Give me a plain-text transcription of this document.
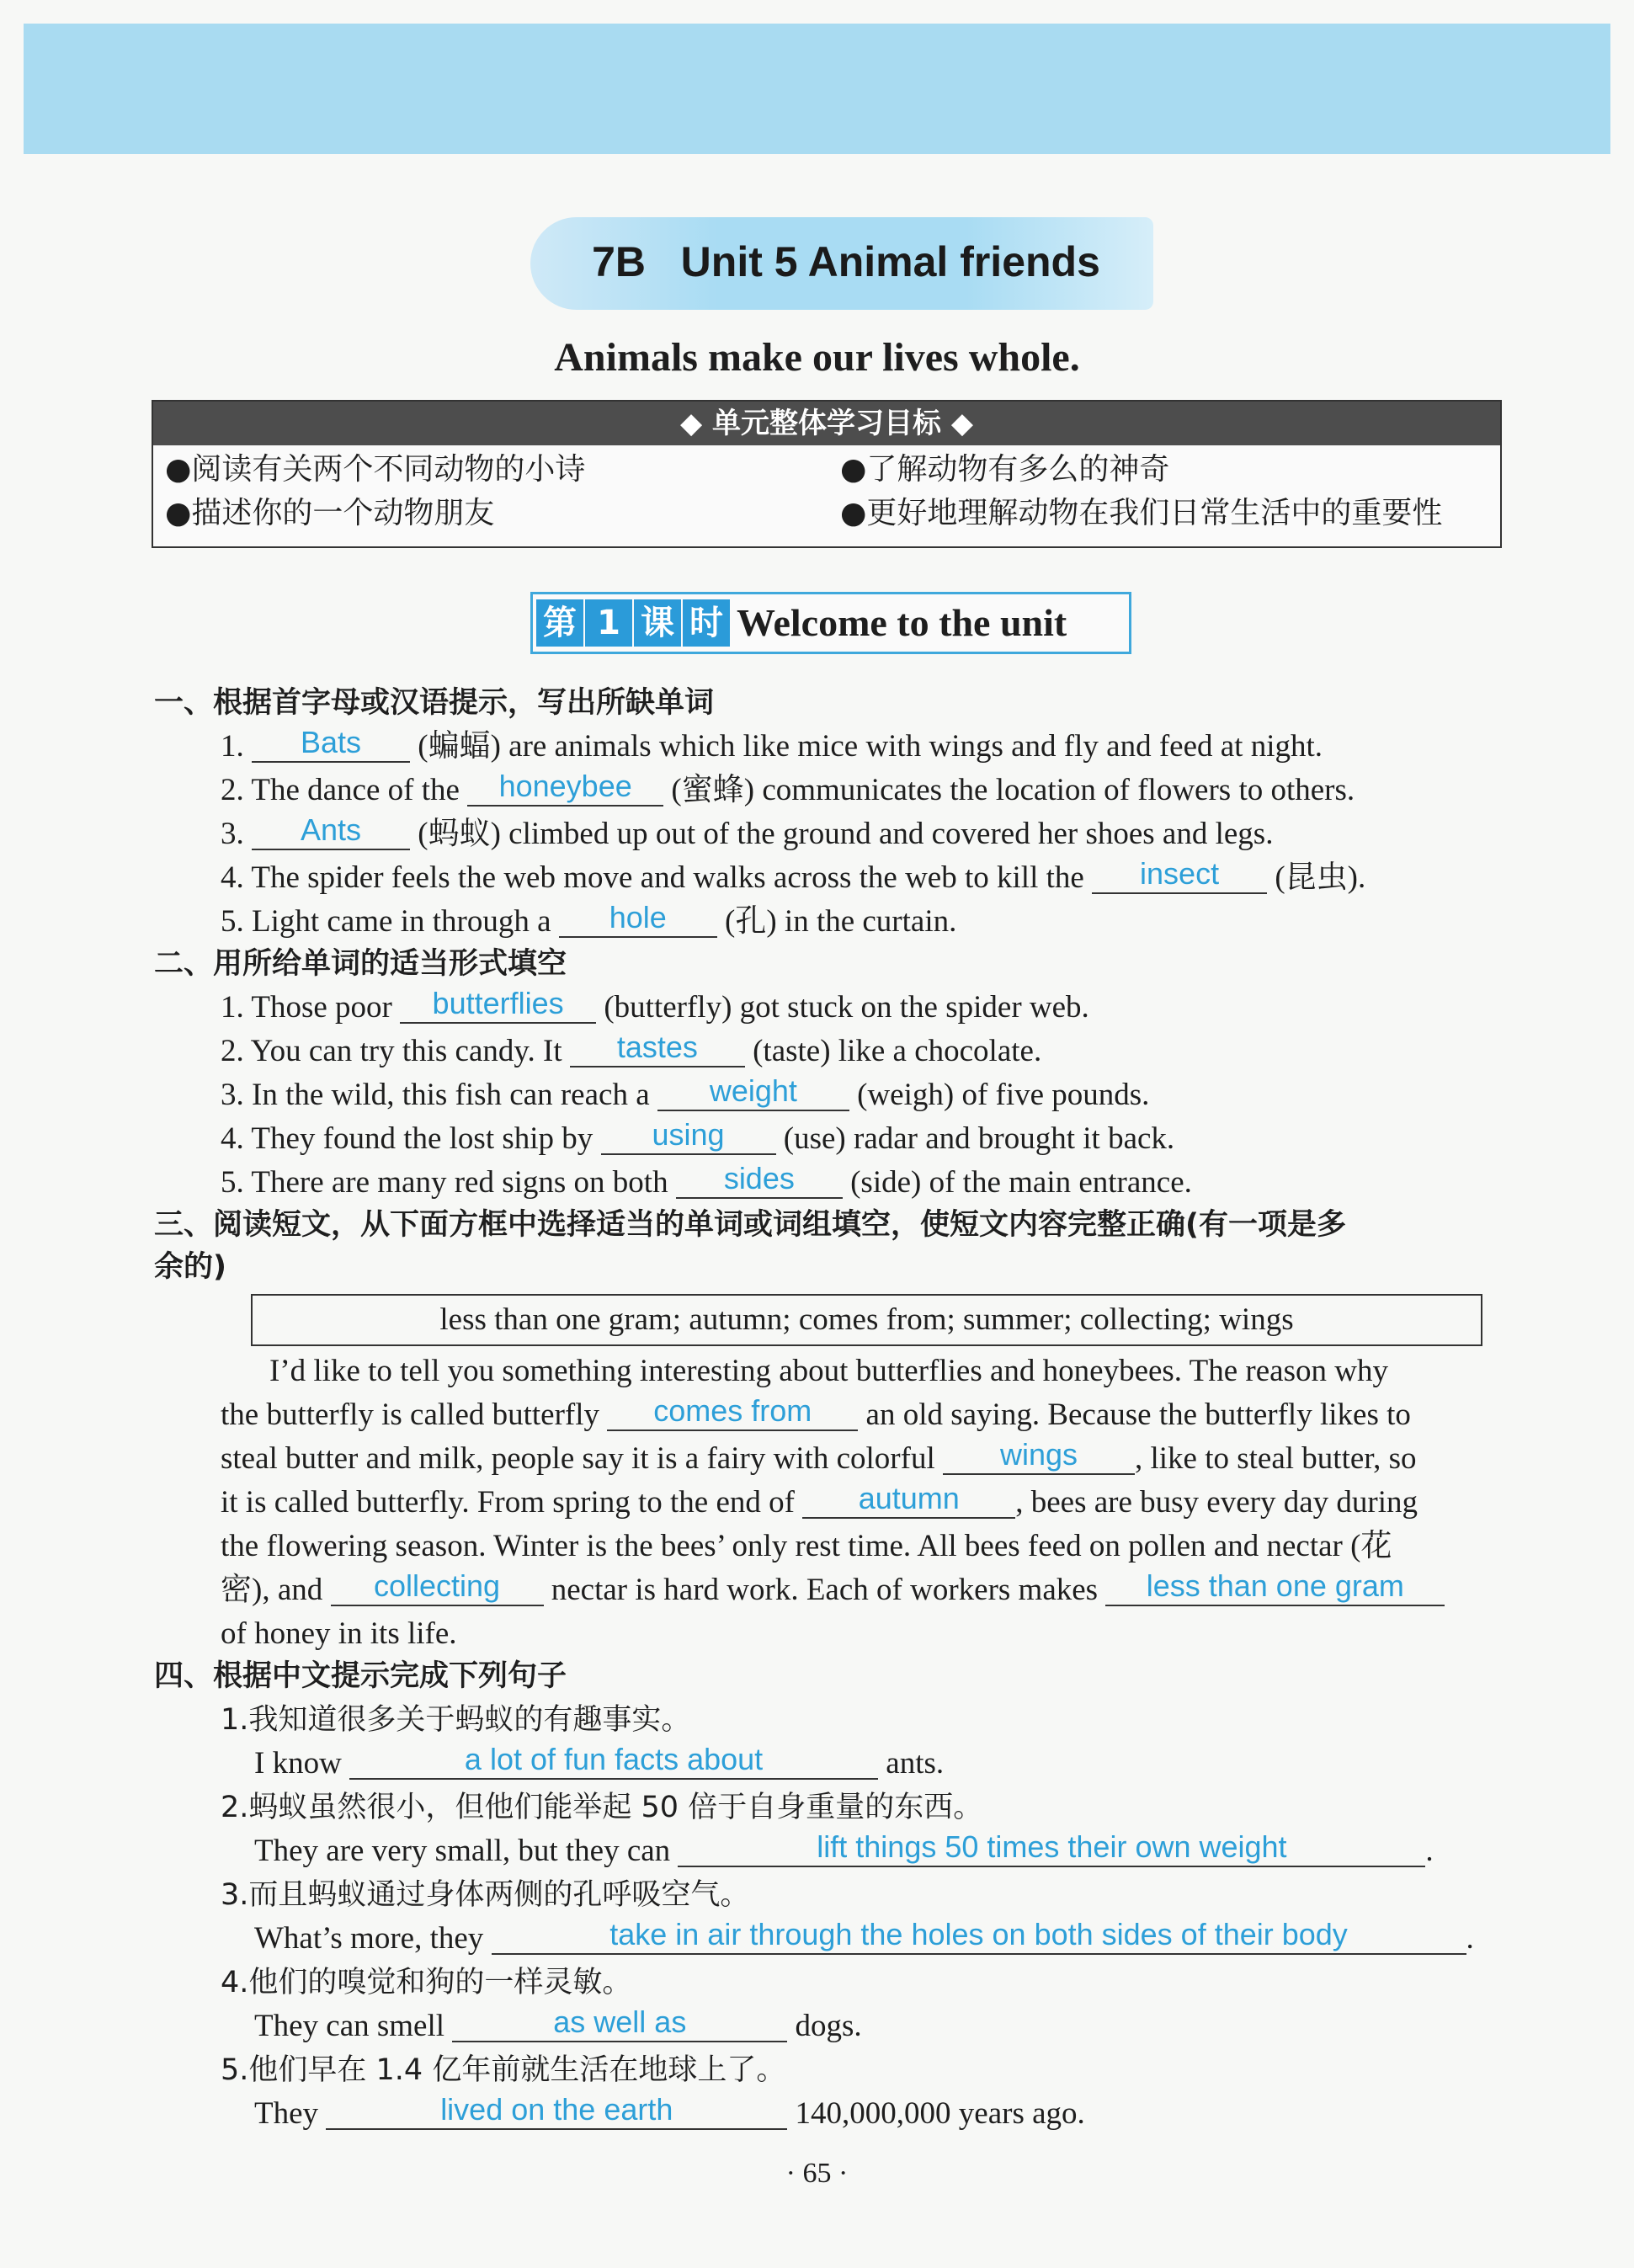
7B   Unit 5 Animal friends
Animals make our lives whole.
◆ 单元整体学习目标 ◆
●阅读有关两个不同动物的小诗	●了解动物有多么的神奇
●描述你的一个动物朋友	●更好地理解动物在我们日常生活中的重要性
第 1 课 时 Welcome to the unit
一、根据首字母或汉语提示，写出所缺单词
1. Bats (蝙蝠) are animals which like mice with wings and fly and feed at night.
2. The dance of the honeybee (蜜蜂) communicates the location of flowers to others.
3. Ants (蚂蚁) climbed up out of the ground and covered her shoes and legs.
4. The spider feels the web move and walks across the web to kill the insect (昆虫).
5. Light came in through a hole (孔) in the curtain.
二、用所给单词的适当形式填空
1. Those poor butterflies (butterfly) got stuck on the spider web.
2. You can try this candy. It tastes (taste) like a chocolate.
3. In the wild, this fish can reach a weight (weigh) of five pounds.
4. They found the lost ship by using (use) radar and brought it back.
5. There are many red signs on both sides (side) of the main entrance.
三、阅读短文，从下面方框中选择适当的单词或词组填空，使短文内容完整正确(有一项是多
余的)
less than one gram; autumn; comes from; summer; collecting; wings
I’d like to tell you something interesting about butterflies and honeybees. The reason why
the butterfly is called butterfly comes from an old saying. Because the butterfly likes to
steal butter and milk, people say it is a fairy with colorful wings , like to steal butter, so
it is called butterfly. From spring to the end of autumn , bees are busy every day during
the flowering season. Winter is the bees’ only rest time. All bees feed on pollen and nectar (花
密), and collecting nectar is hard work. Each of workers makes less than one gram
of honey in its life.
四、根据中文提示完成下列句子
1.我知道很多关于蚂蚁的有趣事实。
I know	a lot of fun facts about	ants.
2.蚂蚁虽然很小，但他们能举起 50 倍于自身重量的东西。
They are very small, but they can	lift things 50 times their own weight	.
3.而且蚂蚁通过身体两侧的孔呼吸空气。
What’s more, they	take in air through the holes on both sides of their body	.
4.他们的嗅觉和狗的一样灵敏。
They can smell	as well as	dogs.
5.他们早在 1.4 亿年前就生活在地球上了。
They	lived on the earth	140,000,000 years ago.
· 65 ·
